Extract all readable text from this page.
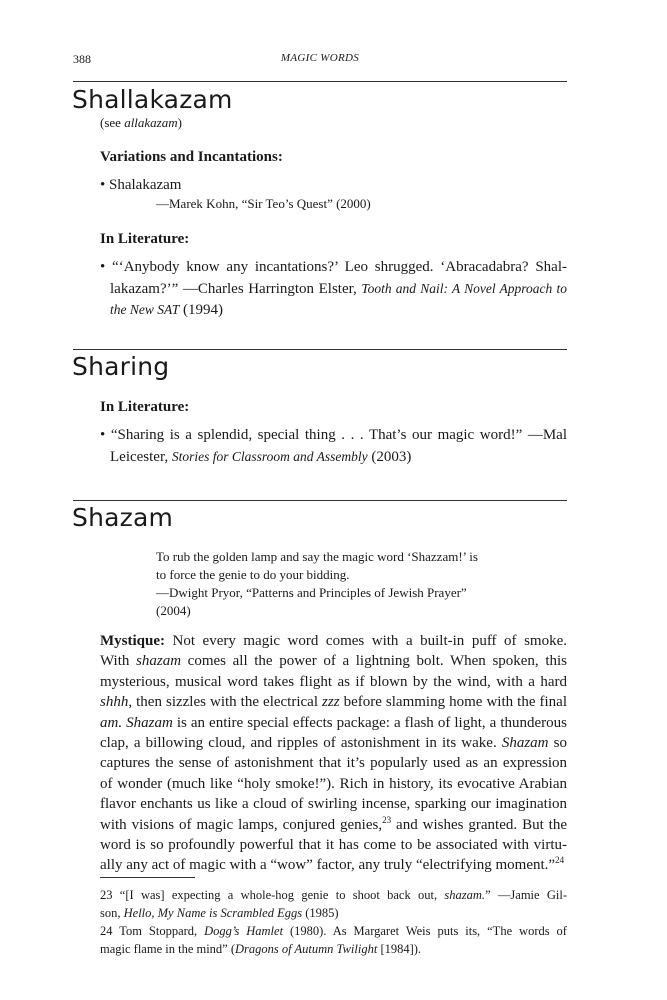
388	MAGIC WORDS
Shallakazam
(see allakazam)
Variations and Incantations:
• Shalakazam
—Marek Kohn, “Sir Teo’s Quest” (2000)
In Literature:
• “‘Anybody know any incantations?’ Leo shrugged. ‘Abracadabra? Shal-
lakazam?’” —Charles Harrington Elster, Tooth and Nail: A Novel Approach to
the New SAT (1994)
Sharing
In Literature:
• “Sharing is a splendid, special thing . . . That’s our magic word!” —Mal
Leicester, Stories for Classroom and Assembly (2003)
Shazam
To rub the golden lamp and say the magic word ‘Shazzam!’ is
to force the genie to do your bidding.
—Dwight Pryor, “Patterns and Principles of Jewish Prayer”
(2004)
Mystique: Not every magic word comes with a built-in puff of smoke.
With shazam comes all the power of a lightning bolt. When spoken, this
mysterious, musical word takes flight as if blown by the wind, with a hard
shhh, then sizzles with the electrical zzz before slamming home with the final
am. Shazam is an entire special effects package: a flash of light, a thunderous
clap, a billowing cloud, and ripples of astonishment in its wake. Shazam so
captures the sense of astonishment that it’s popularly used as an expression
of wonder (much like “holy smoke!”). Rich in history, its evocative Arabian
flavor enchants us like a cloud of swirling incense, sparking our imagination
with visions of magic lamps, conjured genies,$^{23}$ and wishes granted. But the
word is so profoundly powerful that it has come to be associated with virtu-
ally any act of magic with a “wow” factor, any truly “electrifying moment.”$^{24}$
23 “[I was] expecting a whole-hog genie to shoot back out, shazam.” —Jamie Gil-
son, Hello, My Name is Scrambled Eggs (1985)
24 Tom Stoppard, Dogg’s Hamlet (1980). As Margaret Weis puts its, “The words of
magic flame in the mind” (Dragons of Autumn Twilight [1984]).
